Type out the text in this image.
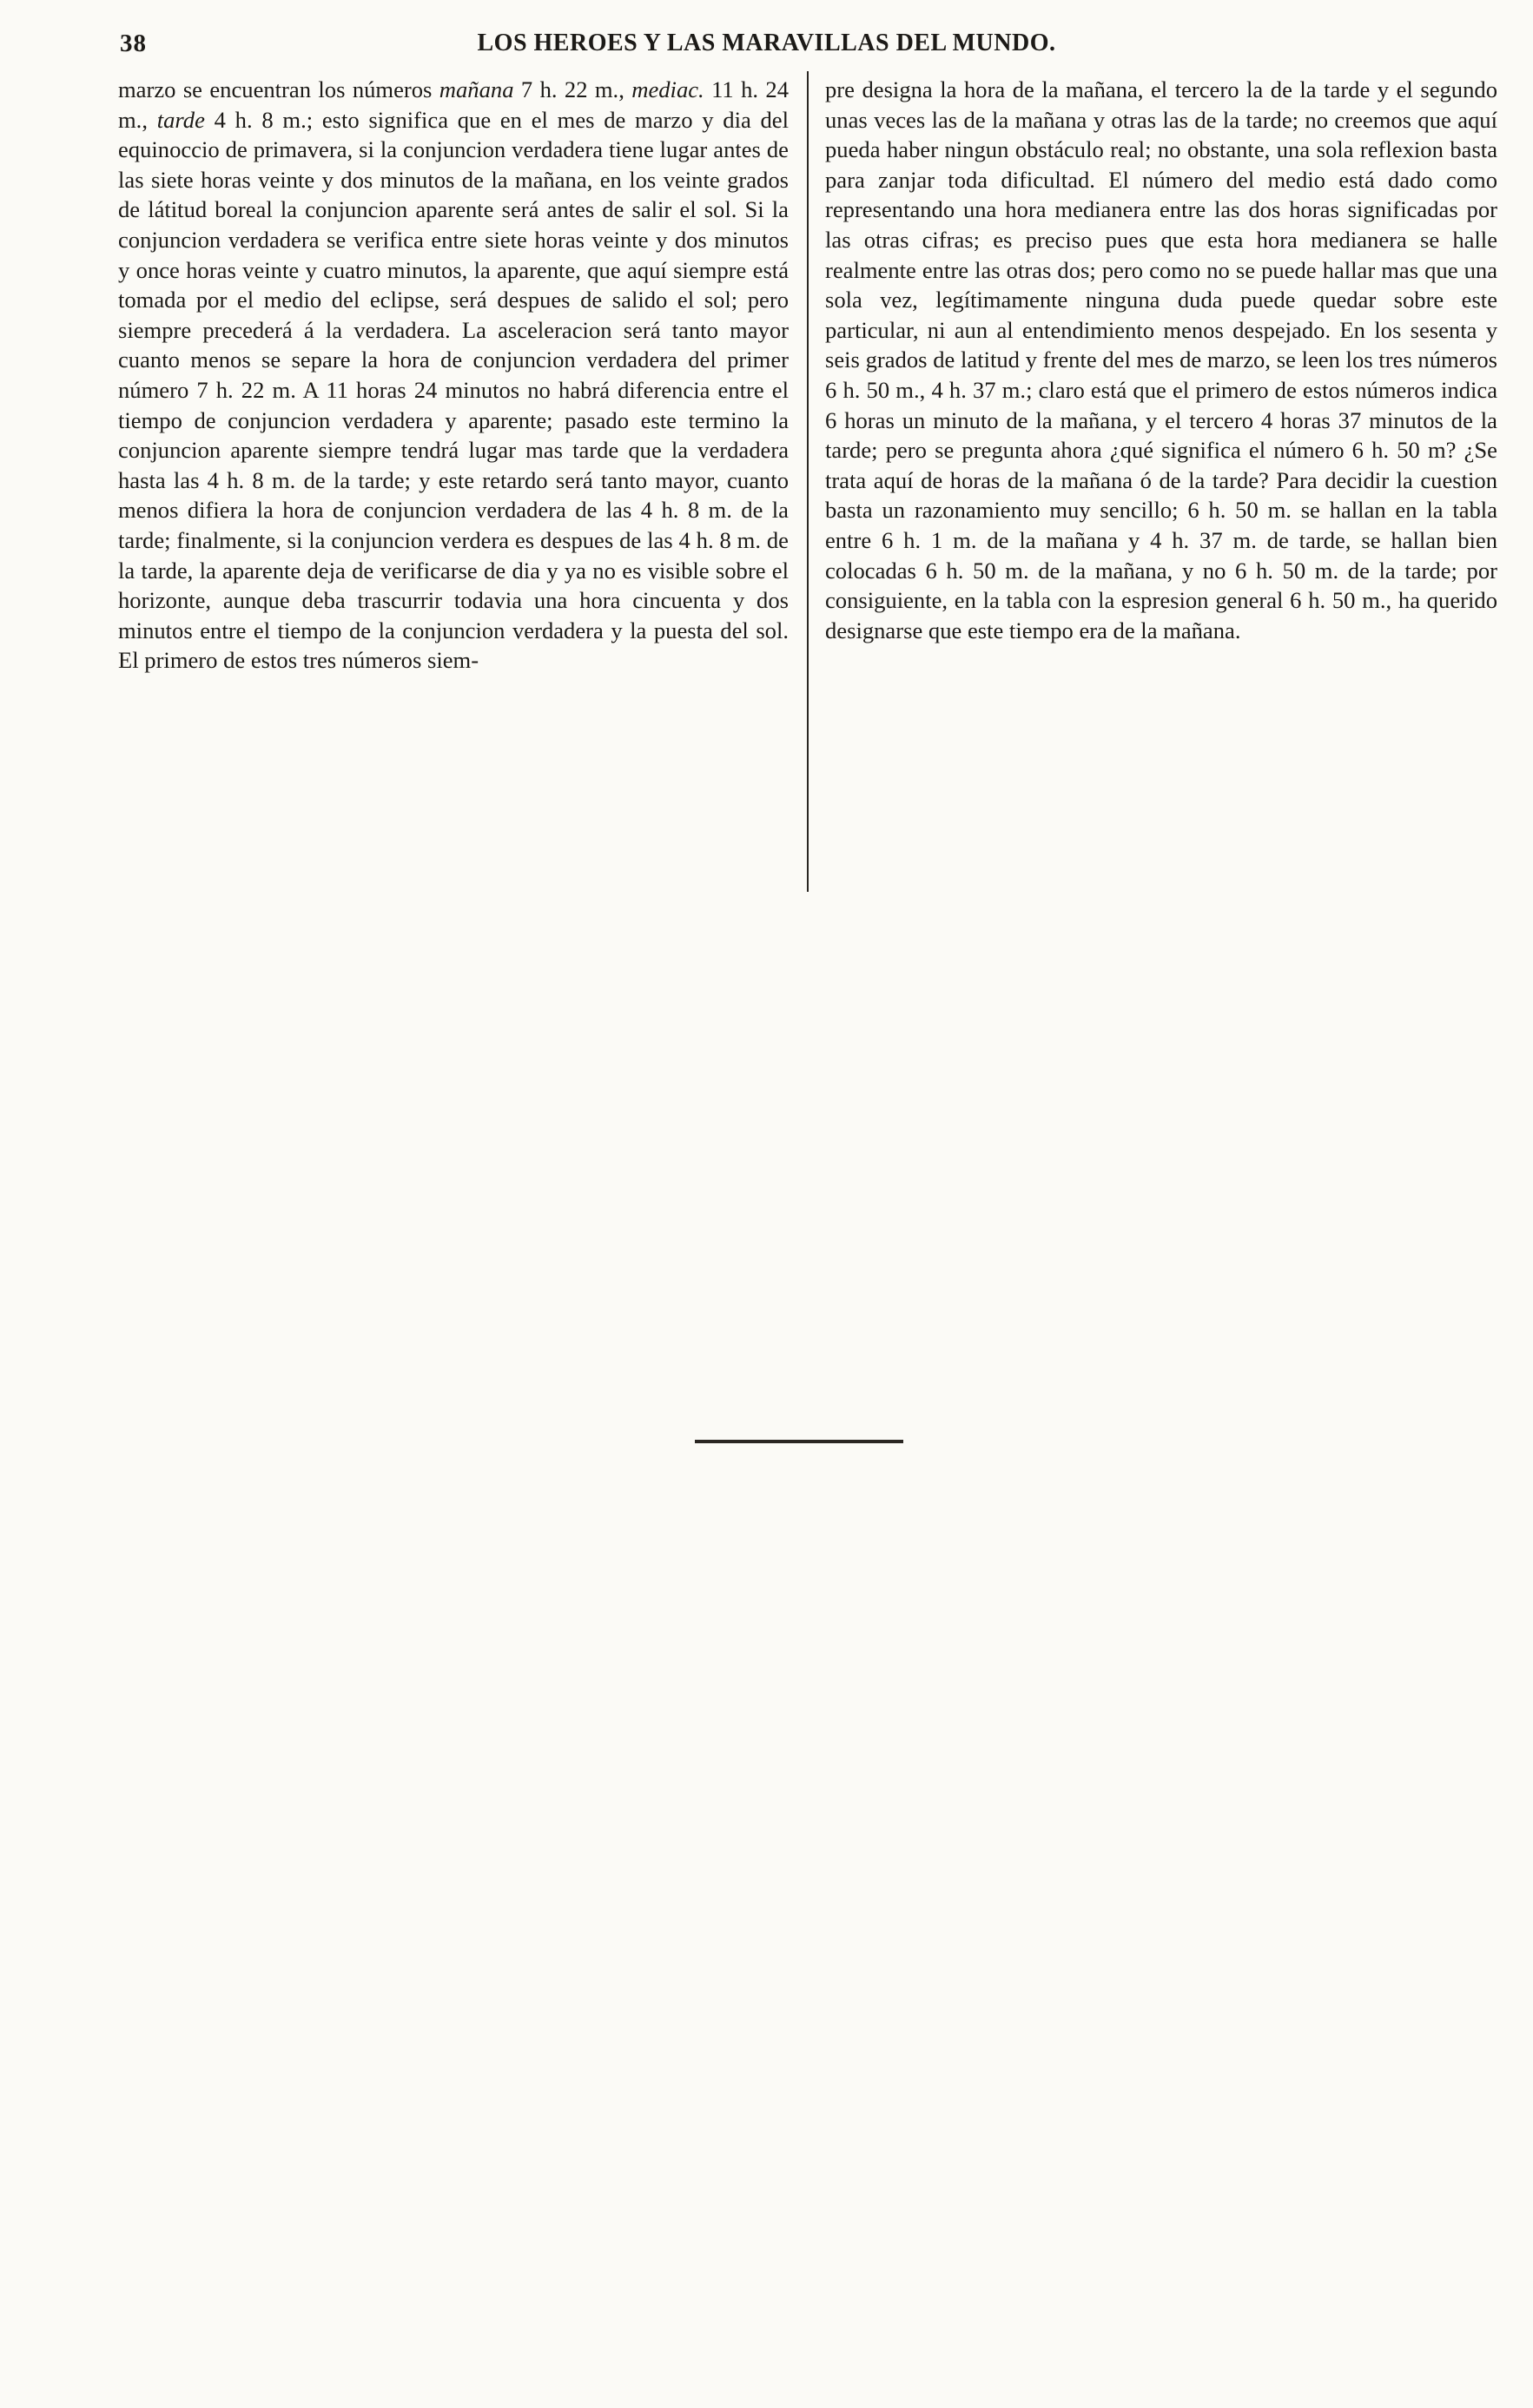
38	LOS HEROES Y LAS MARAVILLAS DEL MUNDO.
marzo se encuentran los números mañana 7 h. 22 m., mediac. 11 h. 24 m., tarde 4 h. 8 m.; esto significa que en el mes de marzo y dia del equinoccio de primavera, si la conjuncion verdadera tiene lugar antes de las siete horas veinte y dos minutos de la mañana, en los veinte grados de látitud boreal la conjuncion aparente será antes de salir el sol. Si la conjuncion verdadera se verifica entre siete horas veinte y dos minutos y once horas veinte y cuatro minutos, la aparente, que aquí siempre está tomada por el medio del eclipse, será despues de salido el sol; pero siempre precederá á la verdadera. La asceleracion será tanto mayor cuanto menos se separe la hora de conjuncion verdadera del primer número 7 h. 22 m. A 11 horas 24 minutos no habrá diferencia entre el tiempo de conjuncion verdadera y aparente; pasado este termino la conjuncion aparente siempre tendrá lugar mas tarde que la verdadera hasta las 4 h. 8 m. de la tarde; y este retardo será tanto mayor, cuanto menos difiera la hora de conjuncion verdadera de las 4 h. 8 m. de la tarde; finalmente, si la conjuncion verdera es despues de las 4 h. 8 m. de la tarde, la aparente deja de verificarse de dia y ya no es visible sobre el horizonte, aunque deba trascurrir todavia una hora cincuenta y dos minutos entre el tiempo de la conjuncion verdadera y la puesta del sol. El primero de estos tres números siem-
pre designa la hora de la mañana, el tercero la de la tarde y el segundo unas veces las de la mañana y otras las de la tarde; no creemos que aquí pueda haber ningun obstáculo real; no obstante, una sola reflexion basta para zanjar toda dificultad. El número del medio está dado como representando una hora medianera entre las dos horas significadas por las otras cifras; es preciso pues que esta hora medianera se halle realmente entre las otras dos; pero como no se puede hallar mas que una sola vez, legítimamente ninguna duda puede quedar sobre este particular, ni aun al entendimiento menos despejado. En los sesenta y seis grados de latitud y frente del mes de marzo, se leen los tres números 6 h. 50 m., 4 h. 37 m.; claro está que el primero de estos números indica 6 horas un minuto de la mañana, y el tercero 4 horas 37 minutos de la tarde; pero se pregunta ahora ¿qué significa el número 6 h. 50 m? ¿Se trata aquí de horas de la mañana ó de la tarde? Para decidir la cuestion basta un razonamiento muy sencillo; 6 h. 50 m. se hallan en la tabla entre 6 h. 1 m. de la mañana y 4 h. 37 m. de tarde, se hallan bien colocadas 6 h. 50 m. de la mañana, y no 6 h. 50 m. de la tarde; por consiguiente, en la tabla con la espresion general 6 h. 50 m., ha querido designarse que este tiempo era de la mañana.
